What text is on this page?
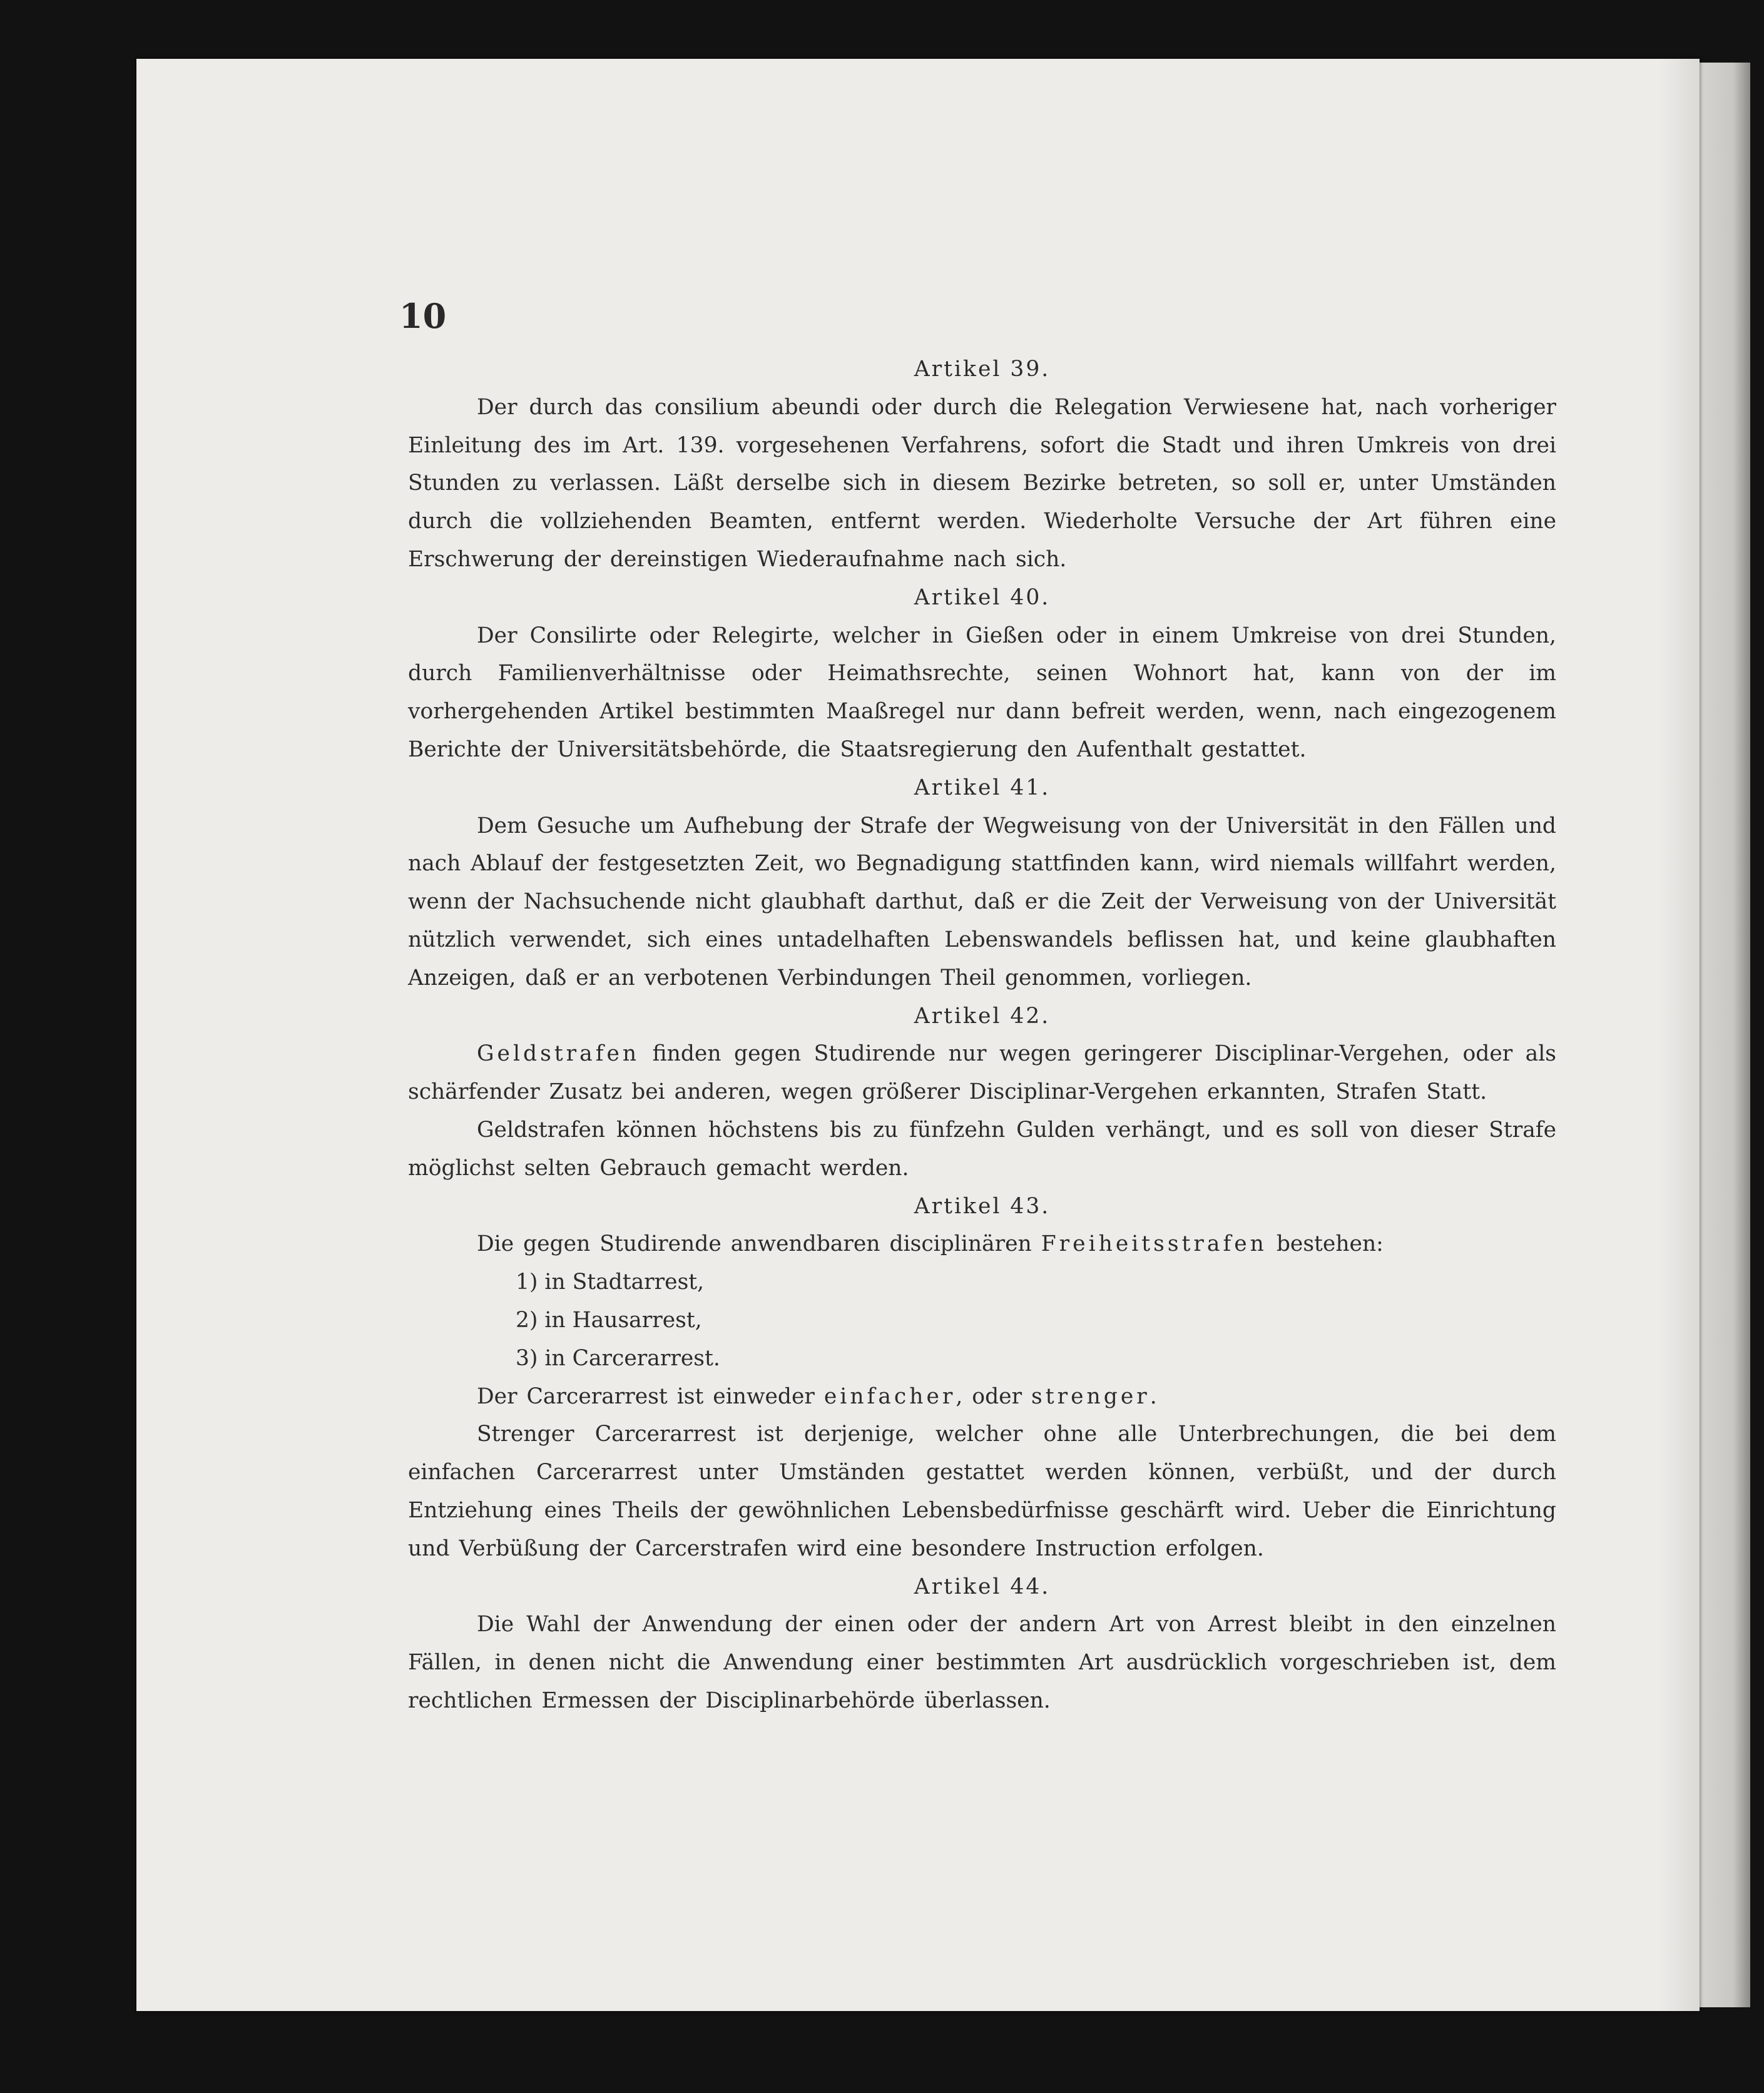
10

Artikel 39.

Der durch das consilium abeundi oder durch die Relegation Verwiesene hat, nach vorheriger Einleitung des im Art. 139. vorgesehenen Verfahrens, sofort die Stadt und ihren Umkreis von drei Stunden zu verlassen. Läßt derselbe sich in diesem Bezirke betreten, so soll er, unter Umständen durch die vollziehenden Beamten, entfernt werden. Wiederholte Versuche der Art führen eine Erschwerung der dereinstigen Wiederaufnahme nach sich.

Artikel 40.

Der Consilirte oder Relegirte, welcher in Gießen oder in einem Umkreise von drei Stunden, durch Familienverhältnisse oder Heimathsrechte, seinen Wohnort hat, kann von der im vorhergehenden Artikel bestimmten Maaßregel nur dann befreit werden, wenn, nach eingezogenem Berichte der Universitätsbehörde, die Staatsregierung den Aufenthalt gestattet.

Artikel 41.

Dem Gesuche um Aufhebung der Strafe der Wegweisung von der Universität in den Fällen und nach Ablauf der festgesetzten Zeit, wo Begnadigung stattfinden kann, wird niemals willfahrt werden, wenn der Nachsuchende nicht glaubhaft darthut, daß er die Zeit der Verweisung von der Universität nützlich verwendet, sich eines untadelhaften Lebenswandels beflissen hat, und keine glaubhaften Anzeigen, daß er an verbotenen Verbindungen Theil genommen, vorliegen.

Artikel 42.

Geldstrafen finden gegen Studirende nur wegen geringerer Disciplinar-Vergehen, oder als schärfender Zusatz bei anderen, wegen größerer Disciplinar-Vergehen erkannten, Strafen Statt.

Geldstrafen können höchstens bis zu fünfzehn Gulden verhängt, und es soll von dieser Strafe möglichst selten Gebrauch gemacht werden.

Artikel 43.

Die gegen Studirende anwendbaren disciplinären Freiheitsstrafen bestehen:

1) in Stadtarrest,
2) in Hausarrest,
3) in Carcerarrest.

Der Carcerarrest ist einweder einfacher, oder strenger.

Strenger Carcerarrest ist derjenige, welcher ohne alle Unterbrechungen, die bei dem einfachen Carcerarrest unter Umständen gestattet werden können, verbüßt, und der durch Entziehung eines Theils der gewöhnlichen Lebensbedürfnisse geschärft wird. Ueber die Einrichtung und Verbüßung der Carcerstrafen wird eine besondere Instruction erfolgen.

Artikel 44.

Die Wahl der Anwendung der einen oder der andern Art von Arrest bleibt in den einzelnen Fällen, in denen nicht die Anwendung einer bestimmten Art ausdrücklich vorgeschrieben ist, dem rechtlichen Ermessen der Disciplinarbehörde überlassen.
